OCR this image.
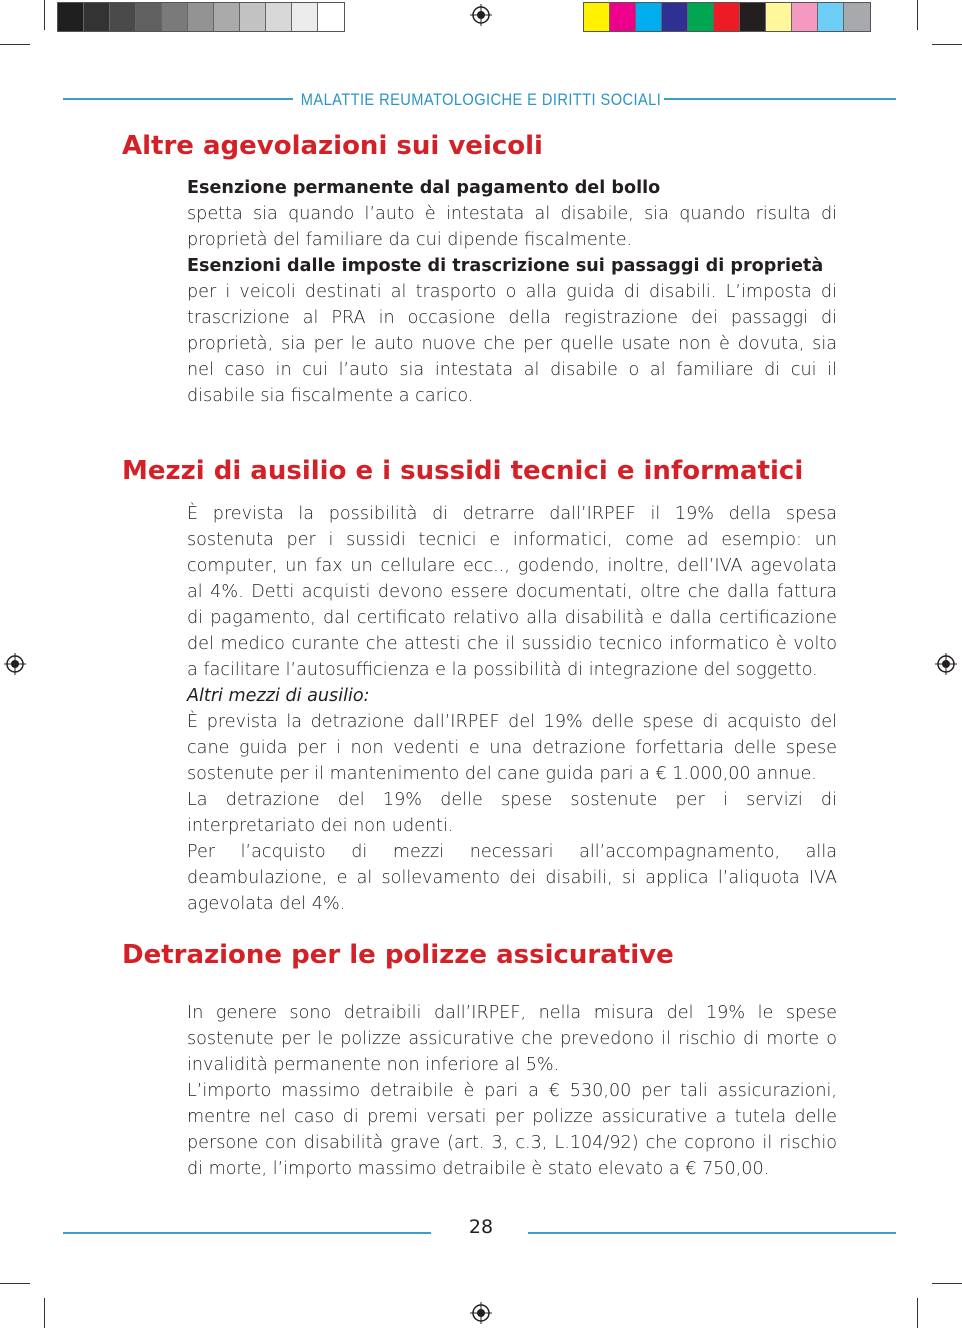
MALATTIE REUMATOLOGICHE E DIRITTI SOCIALI
Altre agevolazioni sui veicoli

Esenzione permanente dal pagamento del bollo

spetta sia quando l’auto è intestata al disabile, sia quando risulta di proprietà del familiare da cui dipende fiscalmente.

Esenzioni dalle imposte di trascrizione sui passaggi di proprietà

per i veicoli destinati al trasporto o alla guida di disabili. L’imposta di trascrizione al PRA in occasione della registrazione dei passaggi di proprietà, sia per le auto nuove che per quelle usate non è dovuta, sia nel caso in cui l’auto sia intestata al disabile o al familiare di cui il disabile sia fiscalmente a carico.

Mezzi di ausilio e i sussidi tecnici e informatici

È prevista la possibilità di detrarre dall’IRPEF il 19% della spesa sostenuta per i sussidi tecnici e informatici, come ad esempio: un computer, un fax un cellulare ecc.., godendo, inoltre, dell’IVA agevolata al 4%. Detti acquisti devono essere documentati, oltre che dalla fattura di pagamento, dal certificato relativo alla disabilità e dalla certificazione del medico curante che attesti che il sussidio tecnico informatico è volto a facilitare l’autosufficienza e la possibilità di integrazione del soggetto.

Altri mezzi di ausilio:

È prevista la detrazione dall’IRPEF del 19% delle spese di acquisto del cane guida per i non vedenti e una detrazione forfettaria delle spese sostenute per il mantenimento del cane guida pari a € 1.000,00 annue.

La detrazione del 19% delle spese sostenute per i servizi di interpretariato dei non udenti.

Per l’acquisto di mezzi necessari all’accompagnamento, alla deambulazione, e al sollevamento dei disabili, si applica l’aliquota IVA agevolata del 4%.

Detrazione per le polizze assicurative

In genere sono detraibili dall’IRPEF, nella misura del 19% le spese sostenute per le polizze assicurative che prevedono il rischio di morte o invalidità permanente non inferiore al 5%.

L’importo massimo detraibile è pari a € 530,00 per tali assicurazioni, mentre nel caso di premi versati per polizze assicurative a tutela delle persone con disabilità grave (art. 3, c.3, L.104/92) che coprono il rischio di morte, l’importo massimo detraibile è stato elevato a € 750,00.

28
